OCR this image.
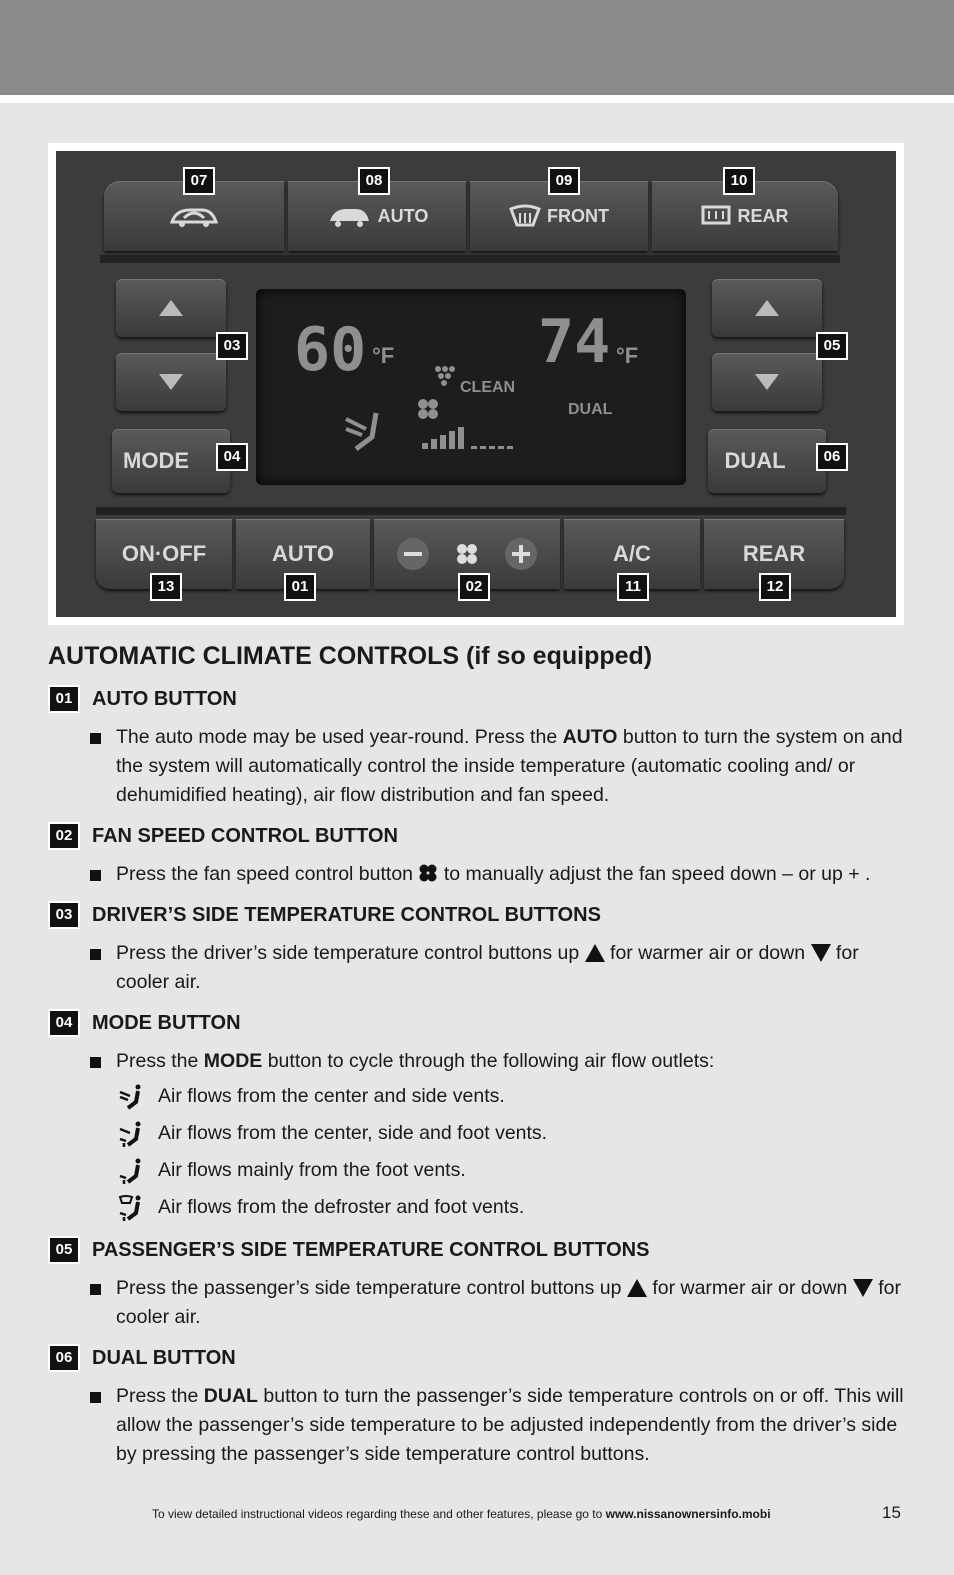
AUTO	FRONT	REAR
07	08	09	10
MODE
03
04
60 °F 74 °F
CLEAN
DUAL

DUAL
05
06
ON·OFF	AUTO	A/C	REAR
13	01	02	11	12
AUTOMATIC CLIMATE CONTROLS (if so equipped)
01 AUTO BUTTON
The auto mode may be used year-round. Press the AUTO button to turn the system on and the system will automatically control the inside temperature (automatic cooling and/ or dehumidified heating), air flow distribution and fan speed.
02 FAN SPEED CONTROL BUTTON
Press the fan speed control button  to manually adjust the fan speed down – or up + .
03 DRIVER’S SIDE TEMPERATURE CONTROL BUTTONS
Press the driver’s side temperature control buttons up  for warmer air or down  for cooler air.
04 MODE BUTTON
Press the MODE button to cycle through the following air flow outlets:
Air flows from the center and side vents.
Air flows from the center, side and foot vents.
Air flows mainly from the foot vents.
Air flows from the defroster and foot vents.
05 PASSENGER’S SIDE TEMPERATURE CONTROL BUTTONS
Press the passenger’s side temperature control buttons up  for warmer air or down  for cooler air.
06 DUAL BUTTON
Press the DUAL button to turn the passenger’s side temperature controls on or off. This will allow the passenger’s side temperature to be adjusted independently from the driver’s side by pressing the passenger’s side temperature control buttons.
To view detailed instructional videos regarding these and other features, please go to www.nissanownersinfo.mobi	15
